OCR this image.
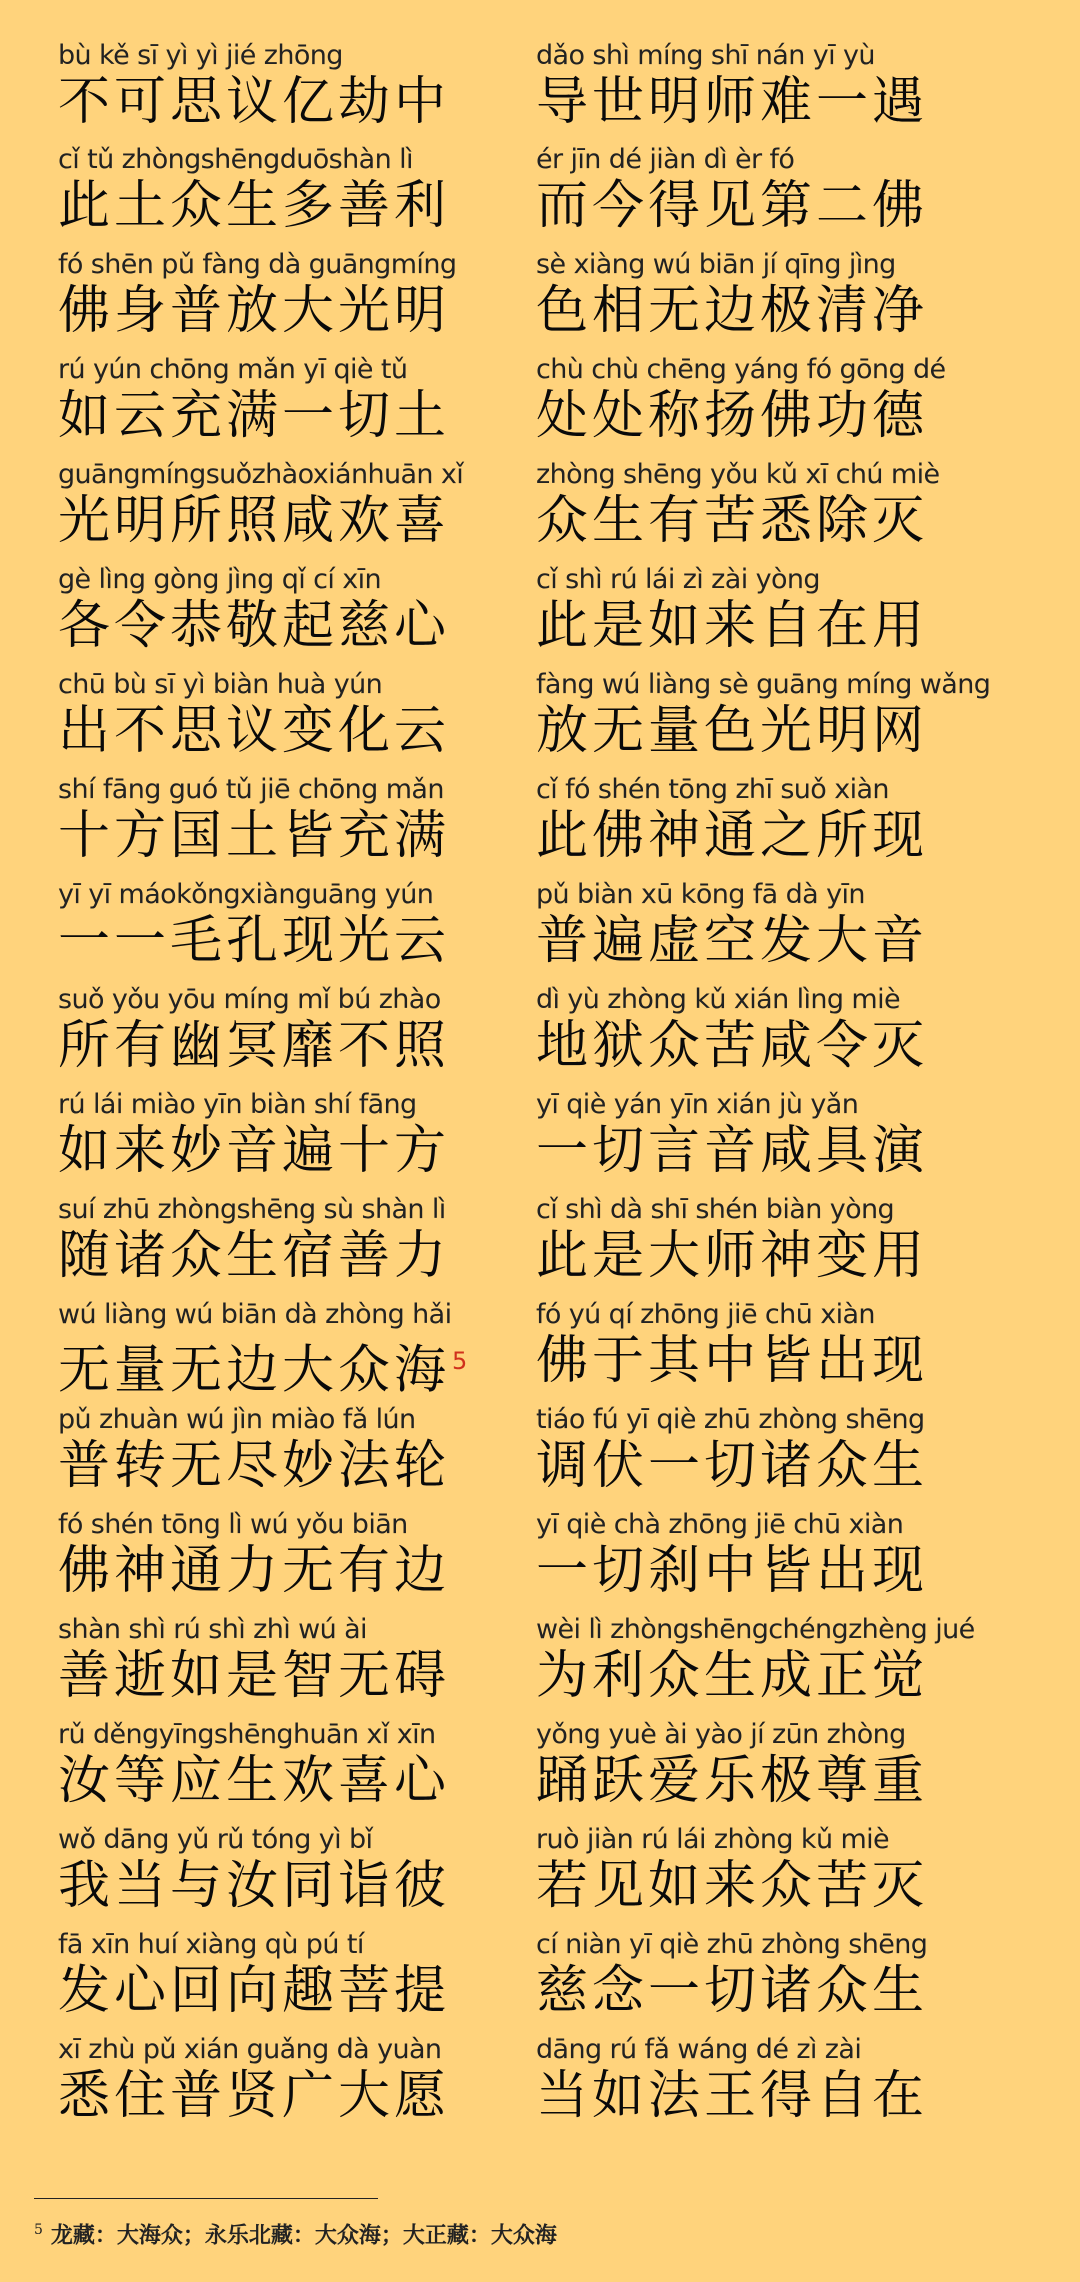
bù kě sī yì yì jié zhōng
不可思议亿劫中
dǎo shì míng shī nán yī yù
导世明师难一遇
cǐ tǔ zhòngshēngduōshàn lì
此土众生多善利
ér jīn dé jiàn dì èr fó
而今得见第二佛
fó shēn pǔ fàng dà guāngmíng
佛身普放大光明
sè xiàng wú biān jí qīng jìng
色相无边极清净
rú yún chōng mǎn yī qiè tǔ
如云充满一切土
chù chù chēng yáng fó gōng dé
处处称扬佛功德
guāngmíngsuǒzhàoxiánhuān xǐ
光明所照咸欢喜
zhòng shēng yǒu kǔ xī chú miè
众生有苦悉除灭
gè lìng gòng jìng qǐ cí xīn
各令恭敬起慈心
cǐ shì rú lái zì zài yòng
此是如来自在用
chū bù sī yì biàn huà yún
出不思议变化云
fàng wú liàng sè guāng míng wǎng
放无量色光明网
shí fāng guó tǔ jiē chōng mǎn
十方国土皆充满
cǐ fó shén tōng zhī suǒ xiàn
此佛神通之所现
yī yī máokǒngxiànguāng yún
一一毛孔现光云
pǔ biàn xū kōng fā dà yīn
普遍虚空发大音
suǒ yǒu yōu míng mǐ bú zhào
所有幽冥靡不照
dì yù zhòng kǔ xián lìng miè
地狱众苦咸令灭
rú lái miào yīn biàn shí fāng
如来妙音遍十方
yī qiè yán yīn xián jù yǎn
一切言音咸具演
suí zhū zhòngshēng sù shàn lì
随诸众生宿善力
cǐ shì dà shī shén biàn yòng
此是大师神变用
wú liàng wú biān dà zhòng hǎi
无量无边大众海$^5$
fó yú qí zhōng jiē chū xiàn
佛于其中皆出现
pǔ zhuàn wú jìn miào fǎ lún
普转无尽妙法轮
tiáo fú yī qiè zhū zhòng shēng
调伏一切诸众生
fó shén tōng lì wú yǒu biān
佛神通力无有边
yī qiè chà zhōng jiē chū xiàn
一切刹中皆出现
shàn shì rú shì zhì wú ài
善逝如是智无碍
wèi lì zhòngshēngchéngzhèng jué
为利众生成正觉
rǔ děngyīngshēnghuān xǐ xīn
汝等应生欢喜心
yǒng yuè ài yào jí zūn zhòng
踊跃爱乐极尊重
wǒ dāng yǔ rǔ tóng yì bǐ
我当与汝同诣彼
ruò jiàn rú lái zhòng kǔ miè
若见如来众苦灭
fā xīn huí xiàng qù pú tí
发心回向趣菩提
cí niàn yī qiè zhū zhòng shēng
慈念一切诸众生
xī zhù pǔ xián guǎng dà yuàn
悉住普贤广大愿
dāng rú fǎ wáng dé zì zài
当如法王得自在
$^5$ 龙藏：大海众；永乐北藏：大众海；大正藏：大众海
